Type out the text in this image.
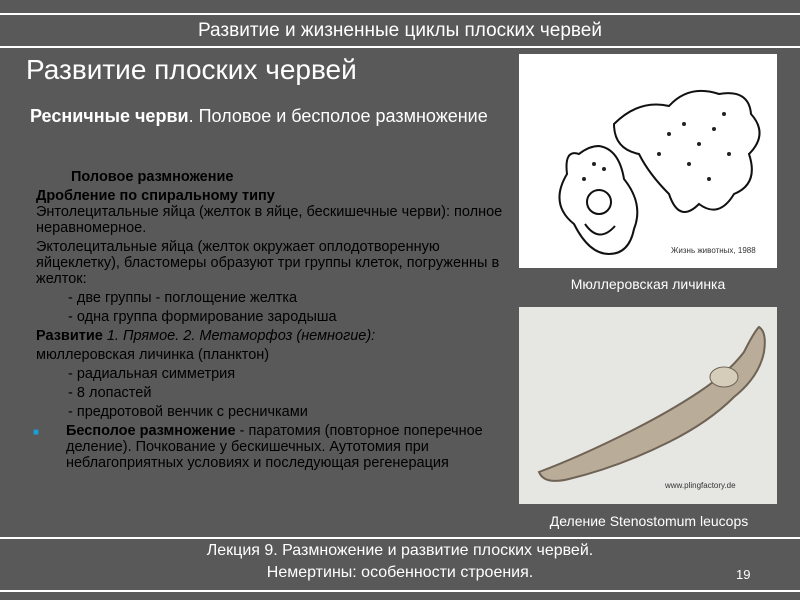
Развитие и жизненные циклы плоских червей
Развитие плоских червей
Ресничные черви. Половое и бесполое размножение
Половое размножение
Дробление по спиральному типу
Энтолецитальные яйца (желток в яйце, бескишечные черви): полное неравномерное.
Эктолецитальные яйца (желток окружает оплодотворенную яйцеклетку), бластомеры образуют три группы клеток, погруженны в желток:
- две группы - поглощение желтка
- одна группа формирование зародыша
Развитие 1. Прямое. 2. Метаморфоз (немногие):
мюллеровская личинка (планктон)
- радиальная симметрия
- 8 лопастей
- предротовой венчик с ресничками
■ Бесполое размножение - паратомия (повторное поперечное деление). Почкование у бескишечных. Аутотомия при неблагоприятных условиях и последующая регенерация
Жизнь животных, 1988
Мюллеровская личинка
www.plingfactory.de
Деление Stenostomum leucops
Лекция 9. Размножение и развитие плоских червей.
Немертины: особенности строения.	19
